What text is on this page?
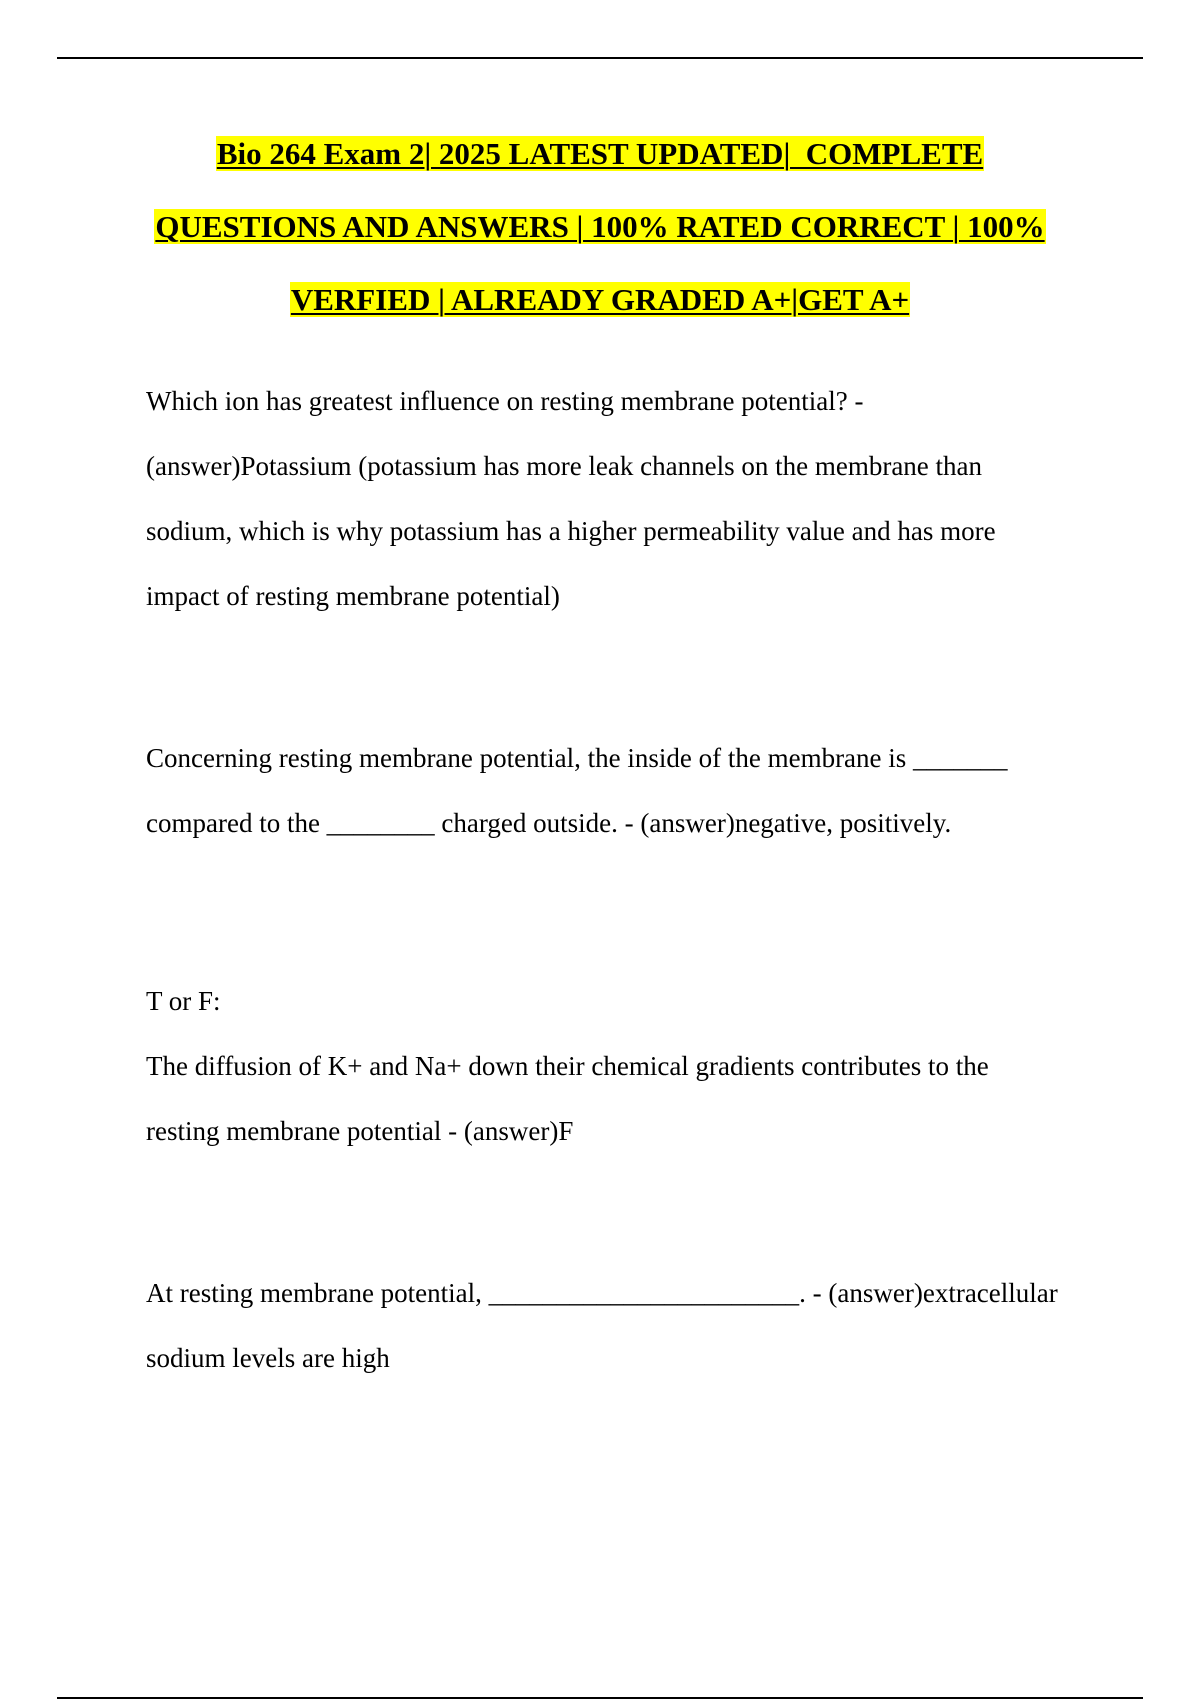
Bio 264 Exam 2| 2025 LATEST UPDATED|  COMPLETE
QUESTIONS AND ANSWERS | 100% RATED CORRECT | 100%
VERFIED | ALREADY GRADED A+|GET A+

Which ion has greatest influence on resting membrane potential? -

(answer)Potassium (potassium has more leak channels on the membrane than

sodium, which is why potassium has a higher permeability value and has more

impact of resting membrane potential)

Concerning resting membrane potential, the inside of the membrane is _______

compared to the ________ charged outside. - (answer)negative, positively.

T or F:

The diffusion of K+ and Na+ down their chemical gradients contributes to the

resting membrane potential - (answer)F

At resting membrane potential, _______________________. - (answer)extracellular

sodium levels are high
